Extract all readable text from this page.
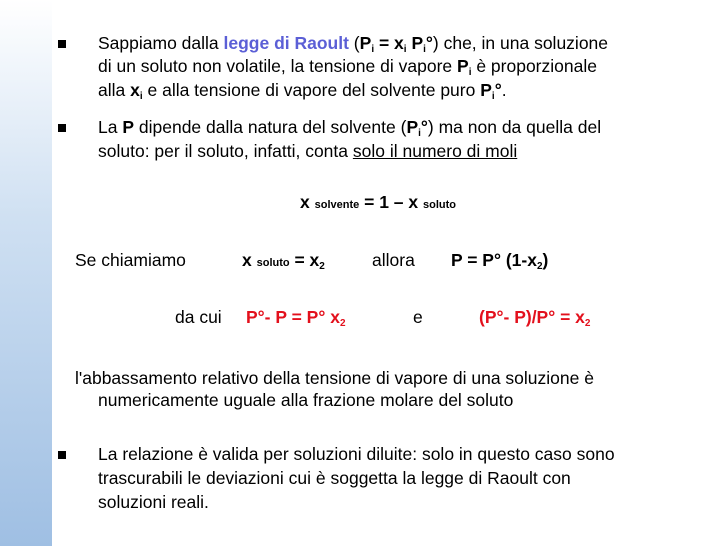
Sappiamo dalla legge di Raoult ($P_i = x_i$ $P_i^\circ$) che, in una soluzione
di un soluto non volatile, la tensione di vapore $P_i$ è proporzionale
alla $x_i$ e alla tensione di vapore del solvente puro $P_i^\circ$.
La P dipende dalla natura del solvente $(P_i^\circ)$ ma non da quella del
soluto: per il soluto, infatti, conta solo il numero di moli
x solvente = 1 – x soluto
Se chiamiamo	x soluto = $x_2$	allora P = P° $(1-x_2)$
da cui P°- P = P° $x_2$	e	(P°- $P)/P^\circ = x_2$
l'abbassamento relativo della tensione di vapore di una soluzione è
numericamente uguale alla frazione molare del soluto
La relazione è valida per soluzioni diluite: solo in questo caso sono
trascurabili le deviazioni cui è soggetta la legge di Raoult con
soluzioni reali.
